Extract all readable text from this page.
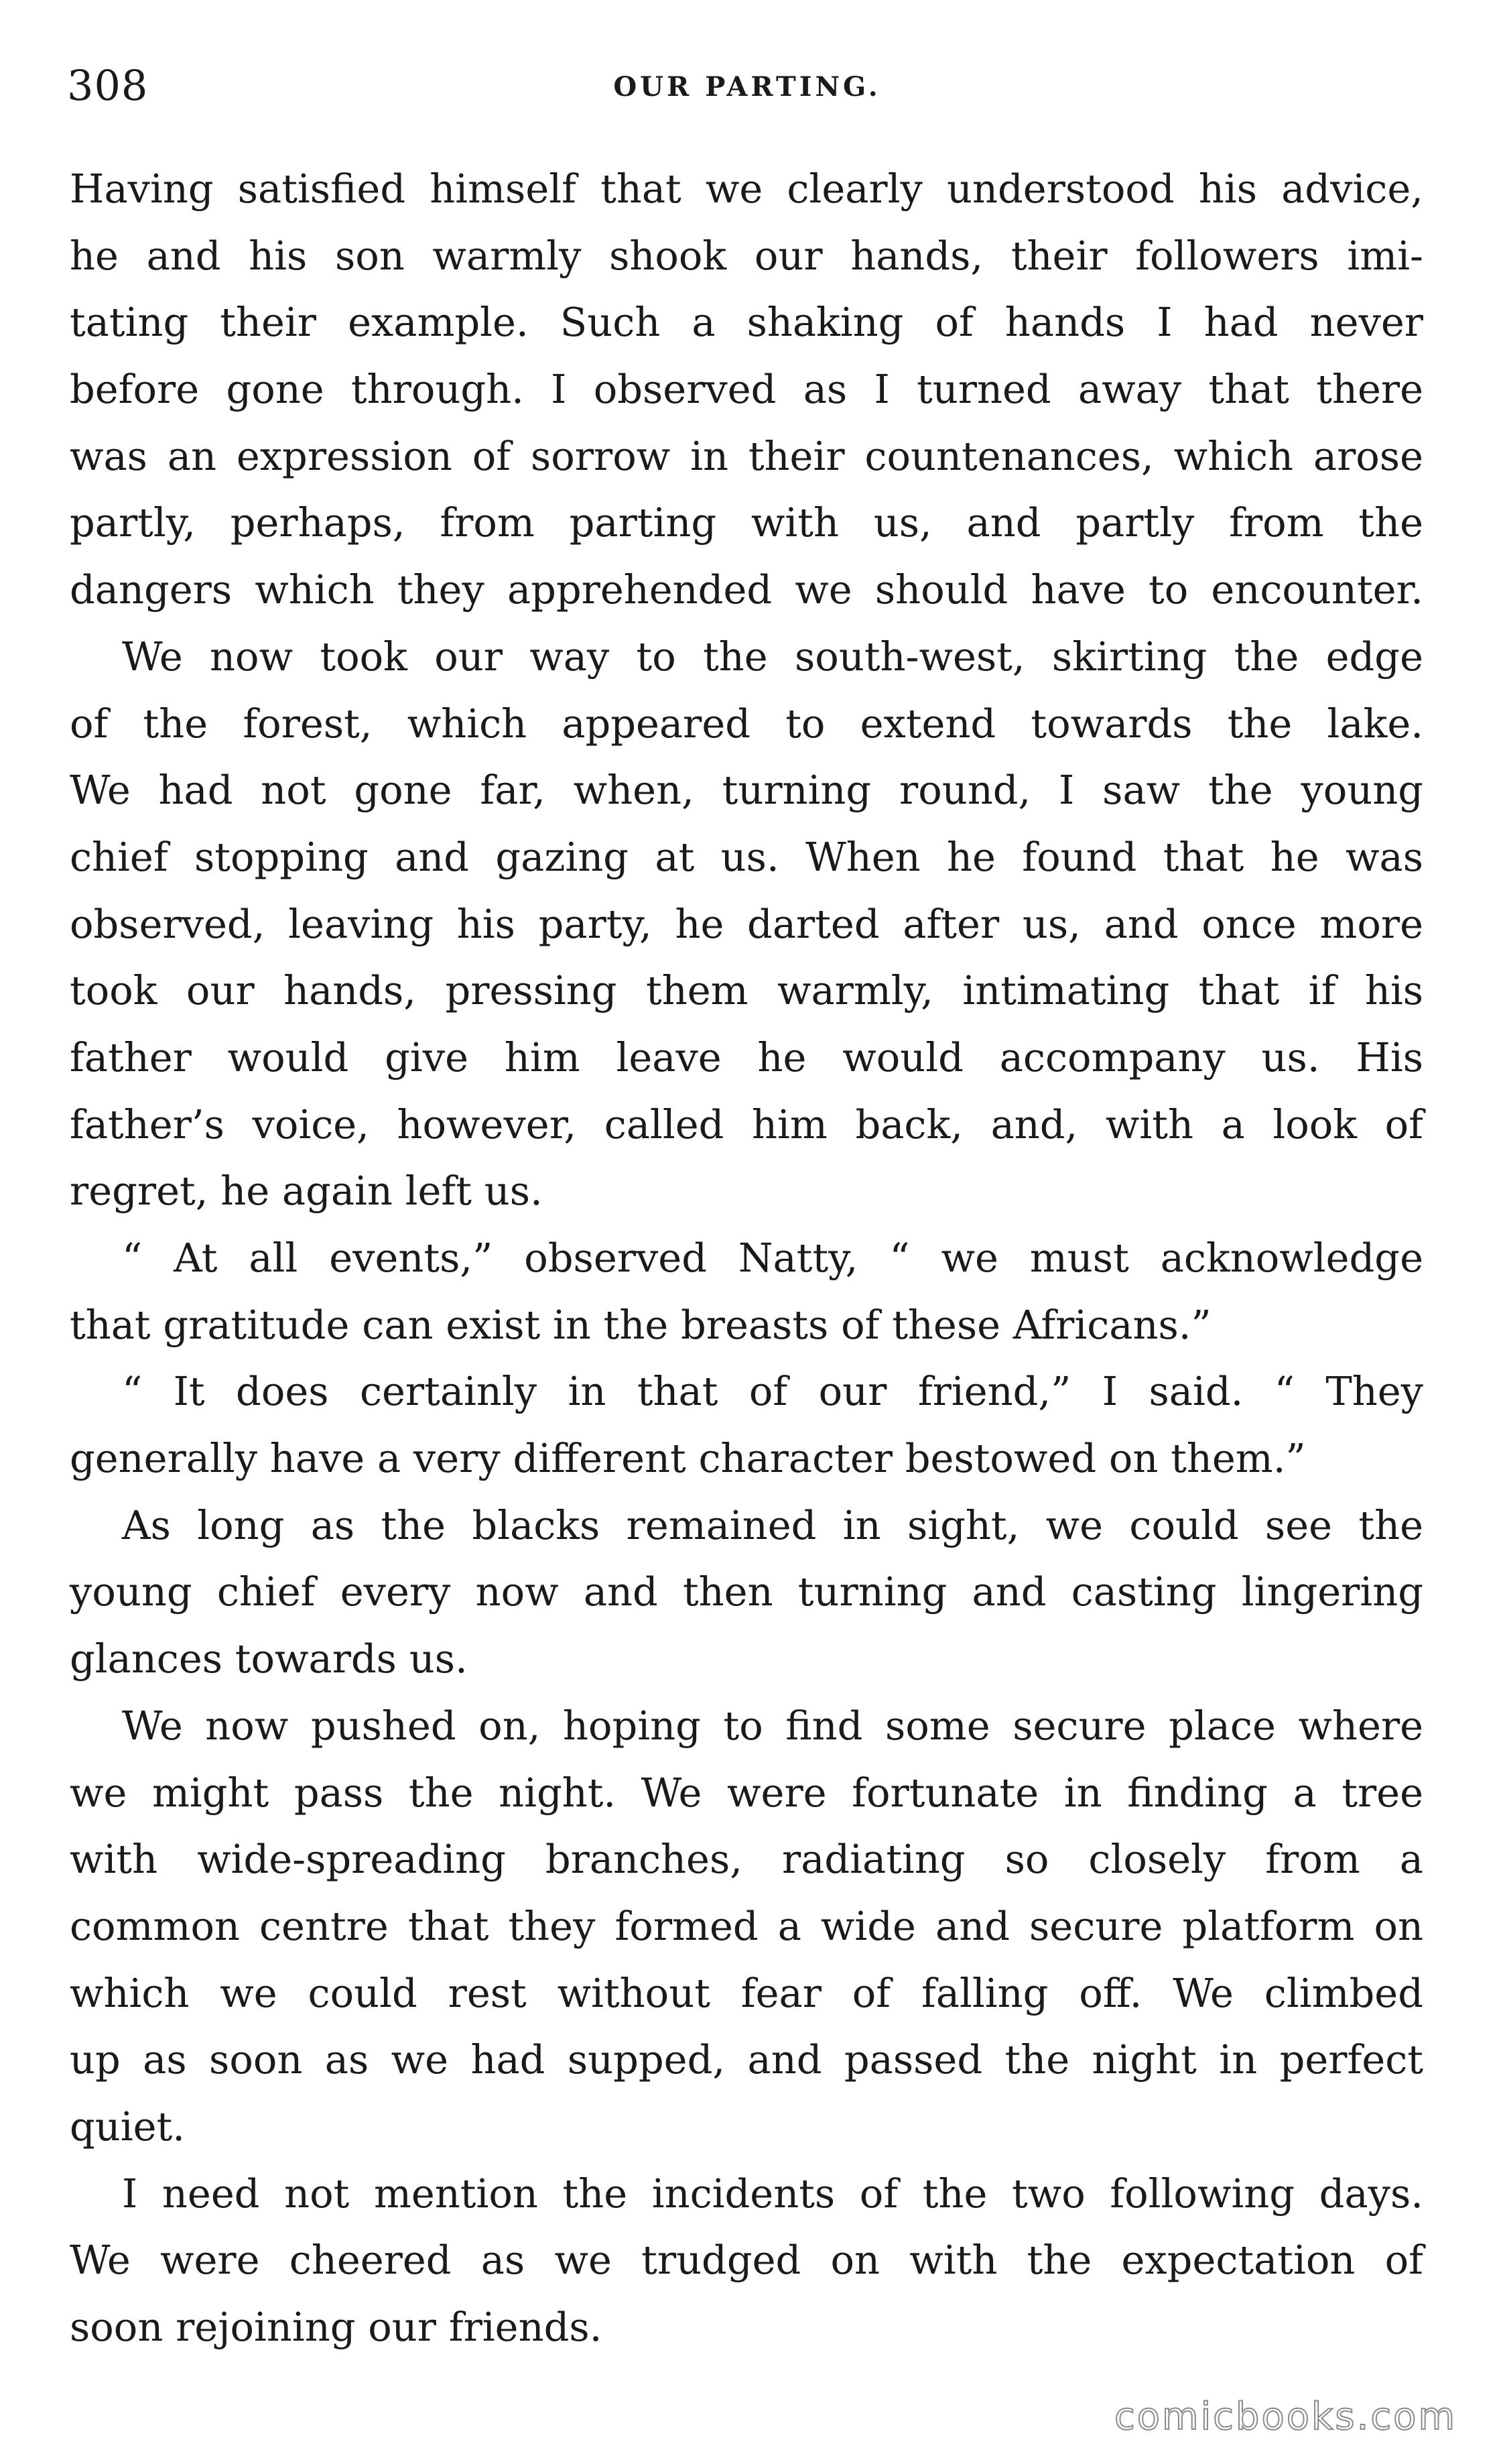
308	OUR PARTING.
Having satisfied himself that we clearly understood his advice,
he and his son warmly shook our hands, their followers imi-
tating their example. Such a shaking of hands I had never
before gone through. I observed as I turned away that there
was an expression of sorrow in their countenances, which arose
partly, perhaps, from parting with us, and partly from the
dangers which they apprehended we should have to encounter.
We now took our way to the south-west, skirting the edge
of the forest, which appeared to extend towards the lake.
We had not gone far, when, turning round, I saw the young
chief stopping and gazing at us. When he found that he was
observed, leaving his party, he darted after us, and once more
took our hands, pressing them warmly, intimating that if his
father would give him leave he would accompany us. His
father’s voice, however, called him back, and, with a look of
regret, he again left us.
“ At all events,” observed Natty, “ we must acknowledge
that gratitude can exist in the breasts of these Africans.”
“ It does certainly in that of our friend,” I said. “ They
generally have a very different character bestowed on them.”
As long as the blacks remained in sight, we could see the
young chief every now and then turning and casting lingering
glances towards us.
We now pushed on, hoping to find some secure place where
we might pass the night. We were fortunate in finding a tree
with wide-spreading branches, radiating so closely from a
common centre that they formed a wide and secure platform on
which we could rest without fear of falling off. We climbed
up as soon as we had supped, and passed the night in perfect
quiet.
I need not mention the incidents of the two following days.
We were cheered as we trudged on with the expectation of
soon rejoining our friends.
comicbooks.com
